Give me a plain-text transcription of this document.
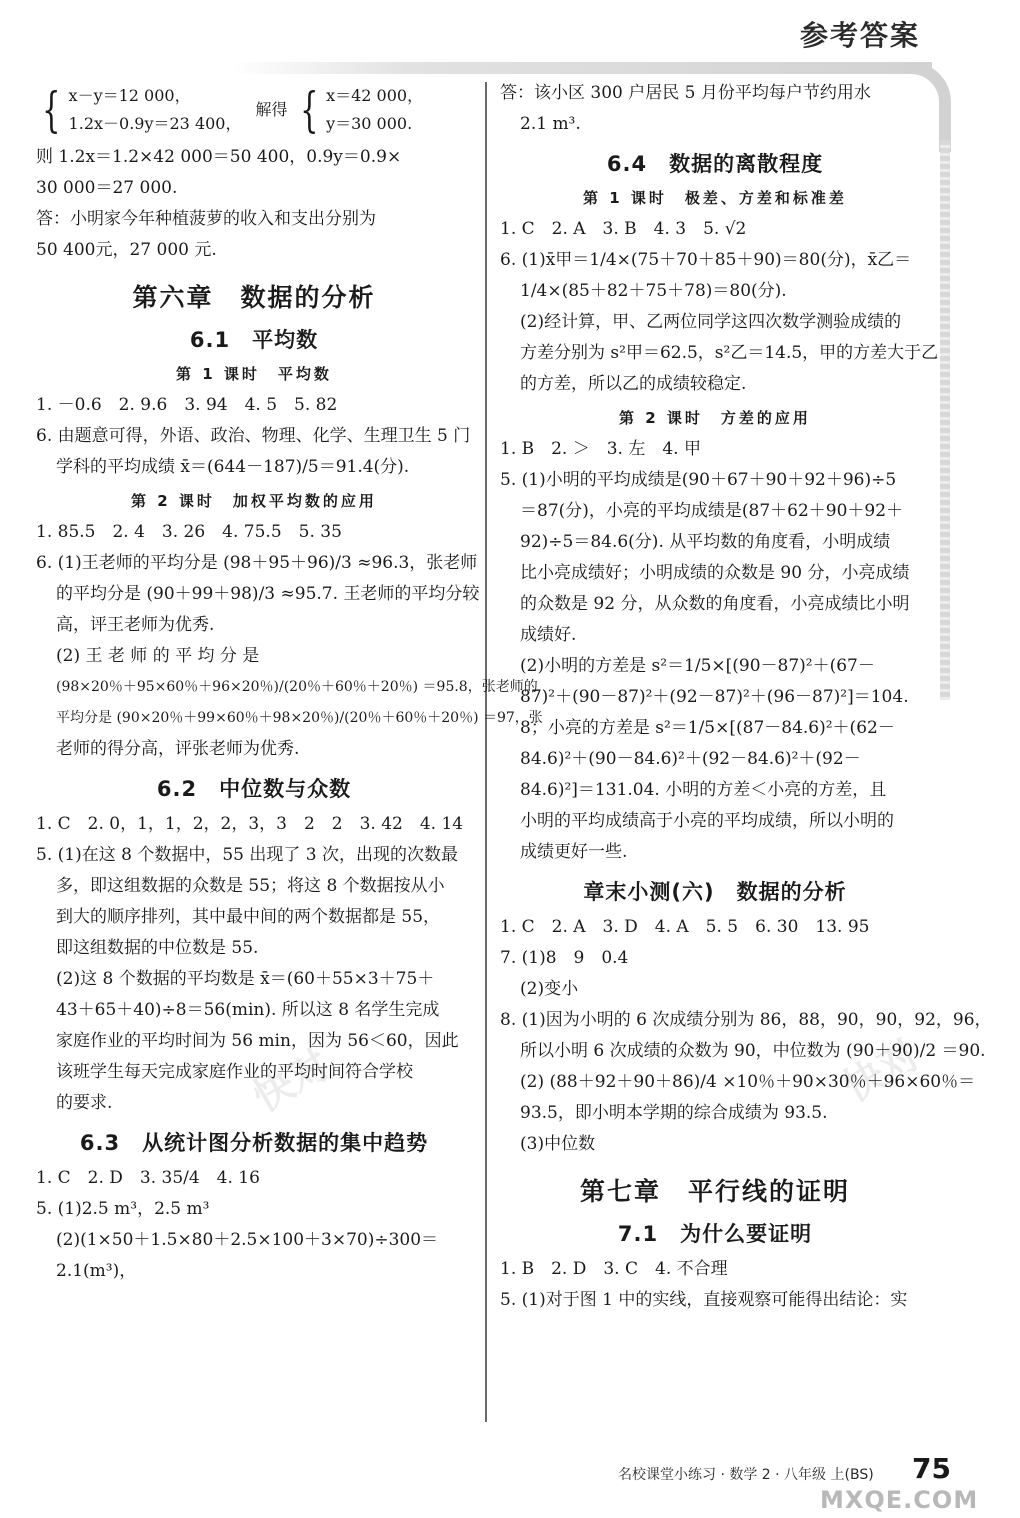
参考答案
{ x－y＝12 000，
1.2x－0.9y＝23 400，
解得 { x＝42 000，
y＝30 000.
则 1.2x＝1.2×42 000＝50 400，0.9y＝0.9×
30 000＝27 000.
答：小明家今年种植菠萝的收入和支出分别为
50 400元，27 000 元.
第六章　数据的分析
6.1　平均数
第 1 课时　平均数
1. －0.6　2. 9.6　3. 94　4. 5　5. 82
6. 由题意可得，外语、政治、物理、化学、生理卫生 5 门
学科的平均成绩 x̄＝(644－187)/5＝91.4(分).
第 2 课时　加权平均数的应用
1. 85.5　2. 4　3. 26　4. 75.5　5. 35
6. (1)王老师的平均分是 (98＋95＋96)/3 ≈96.3，张老师
的平均分是 (90＋99＋98)/3 ≈95.7. 王老师的平均分较
高，评王老师为优秀.
(2) 王 老 师 的 平 均 分 是
(98×20％＋95×60％＋96×20％)/(20％＋60％＋20％) ＝95.8，张老师的
平均分是 (90×20％＋99×60％＋98×20％)/(20％＋60％＋20％) ＝97，张
老师的得分高，评张老师为优秀.
6.2　中位数与众数
1. C　2. 0，1，1，2，2，3，3　2　2　3. 42　4. 14
5. (1)在这 8 个数据中，55 出现了 3 次，出现的次数最
多，即这组数据的众数是 55；将这 8 个数据按从小
到大的顺序排列，其中最中间的两个数据都是 55，
即这组数据的中位数是 55.
(2)这 8 个数据的平均数是 x̄＝(60＋55×3＋75＋
43＋65＋40)÷8＝56(min). 所以这 8 名学生完成
家庭作业的平均时间为 56 min，因为 56＜60，因此
该班学生每天完成家庭作业的平均时间符合学校
的要求.
6.3　从统计图分析数据的集中趋势
1. C　2. D　3. 35/4　4. 16
5. (1)2.5 m³，2.5 m³
(2)(1×50＋1.5×80＋2.5×100＋3×70)÷300＝
2.1(m³)，
答：该小区 300 户居民 5 月份平均每户节约用水
2.1 m³.
6.4　数据的离散程度
第 1 课时　极差、方差和标准差
1. C　2. A　3. B　4. 3　5. √2
6. (1)x̄甲＝1/4×(75＋70＋85＋90)＝80(分)，x̄乙＝
1/4×(85＋82＋75＋78)＝80(分).
(2)经计算，甲、乙两位同学这四次数学测验成绩的
方差分别为 s²甲＝62.5，s²乙＝14.5，甲的方差大于乙
的方差，所以乙的成绩较稳定.
第 2 课时　方差的应用
1. B　2. ＞　3. 左　4. 甲
5. (1)小明的平均成绩是(90＋67＋90＋92＋96)÷5
＝87(分)，小亮的平均成绩是(87＋62＋90＋92＋
92)÷5＝84.6(分). 从平均数的角度看，小明成绩
比小亮成绩好；小明成绩的众数是 90 分，小亮成绩
的众数是 92 分，从众数的角度看，小亮成绩比小明
成绩好.
(2)小明的方差是 s²＝1/5×[(90－87)²＋(67－
87)²＋(90－87)²＋(92－87)²＋(96－87)²]＝104.
8；小亮的方差是 s²＝1/5×[(87－84.6)²＋(62－
84.6)²＋(90－84.6)²＋(92－84.6)²＋(92－
84.6)²]＝131.04. 小明的方差＜小亮的方差，且
小明的平均成绩高于小亮的平均成绩，所以小明的
成绩更好一些.
章末小测(六)　数据的分析
1. C　2. A　3. D　4. A　5. 5　6. 30　13. 95
7. (1)8　9　0.4
(2)变小
8. (1)因为小明的 6 次成绩分别为 86，88，90，90，92，96，
所以小明 6 次成绩的众数为 90，中位数为 (90＋90)/2 ＝90.
(2) (88＋92＋90＋86)/4 ×10％＋90×30％＋96×60％＝
93.5，即小明本学期的综合成绩为 93.5.
(3)中位数
第七章　平行线的证明
7.1　为什么要证明
1. B　2. D　3. C　4. 不合理
5. (1)对于图 1 中的实线，直接观察可能得出结论：实
快对	快对
名校课堂小练习 · 数学 2 · 八年级 上(BS) 75
MXQE.COM
